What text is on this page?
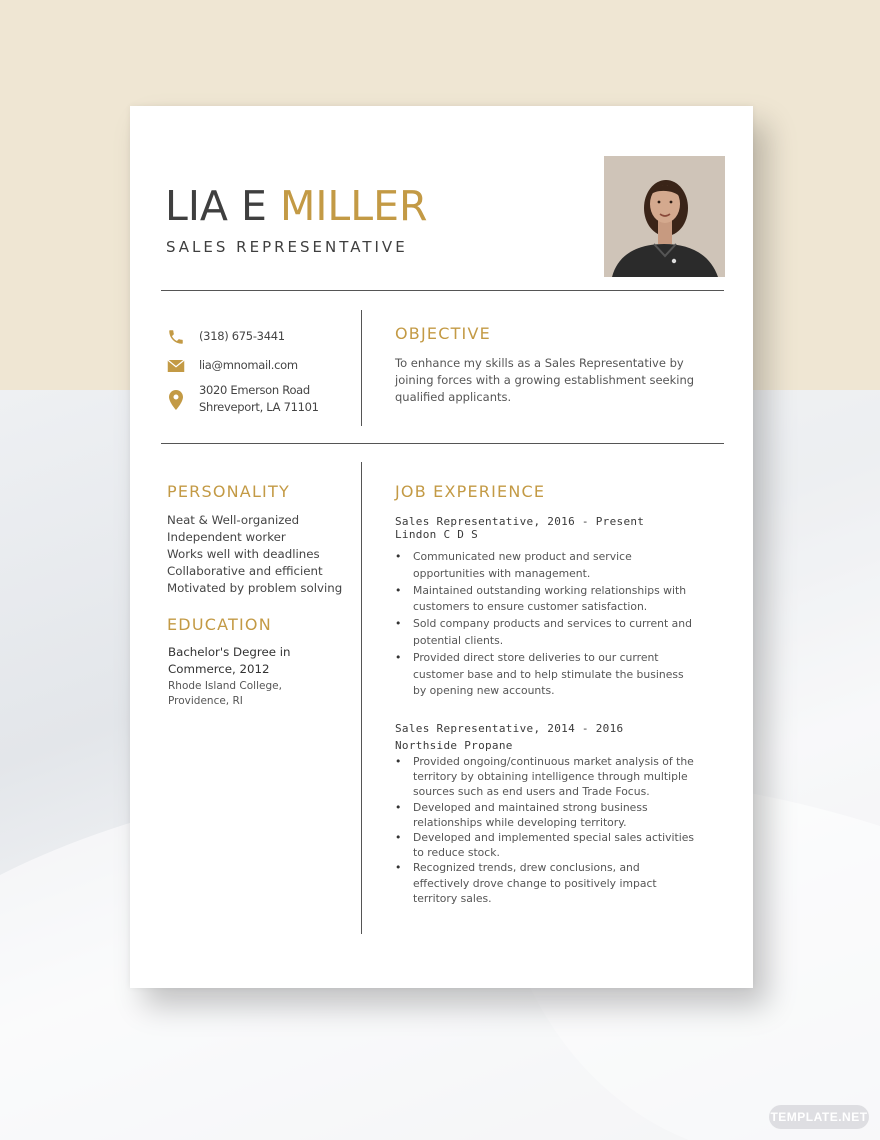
LIA E MILLER
SALES REPRESENTATIVE
(318) 675-3441
lia@mnomail.com
3020 Emerson Road
Shreveport, LA 71101
OBJECTIVE
To enhance my skills as a Sales Representative by joining forces with a growing establishment seeking qualified applicants.
PERSONALITY
Neat & Well-organized
Independent worker
Works well with deadlines
Collaborative and efficient
Motivated by problem solving
EDUCATION
Bachelor's Degree in
Commerce, 2012
Rhode Island College,
Providence, RI
JOB EXPERIENCE
Sales Representative, 2016 - Present
Lindon C D S
• Communicated new product and service opportunities with management.
• Maintained outstanding working relationships with customers to ensure customer satisfaction.
• Sold company products and services to current and potential clients.
• Provided direct store deliveries to our current customer base and to help stimulate the business by opening new accounts.
Sales Representative, 2014 - 2016
Northside Propane
• Provided ongoing/continuous market analysis of the territory by obtaining intelligence through multiple sources such as end users and Trade Focus.
• Developed and maintained strong business relationships while developing territory.
• Developed and implemented special sales activities to reduce stock.
• Recognized trends, drew conclusions, and effectively drove change to positively impact territory sales.
TEMPLATE.NET
